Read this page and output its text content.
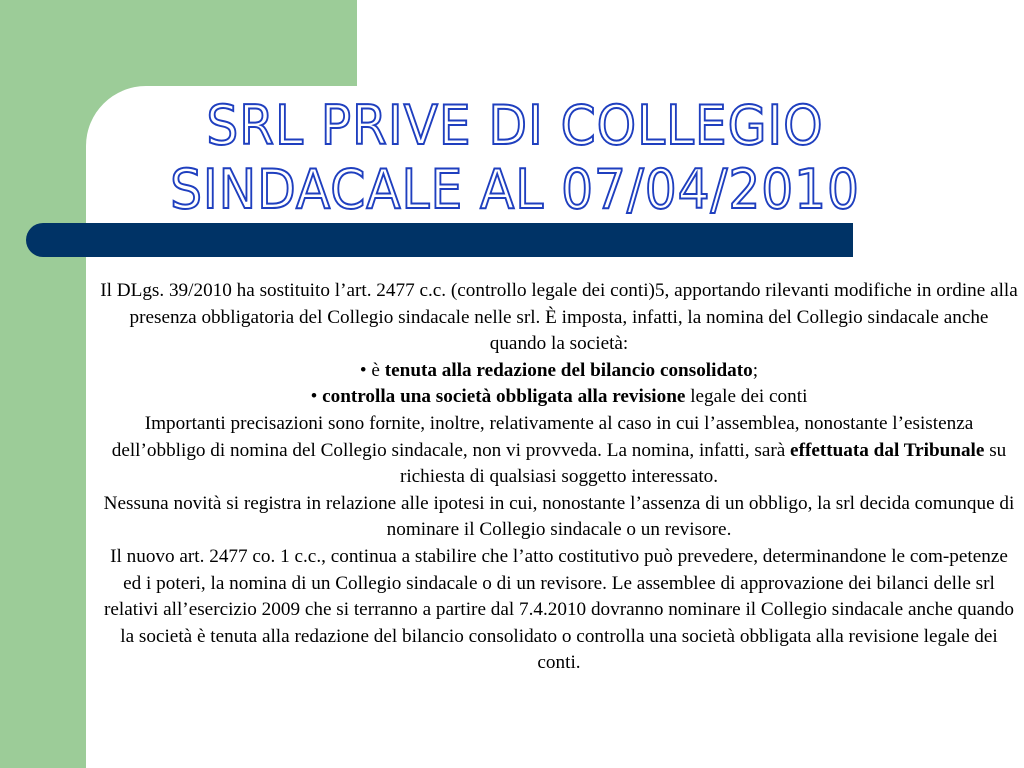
SRL PRIVE DI COLLEGIO
SINDACALE AL 07/04/2010

Il DLgs. 39/2010 ha sostituito l’art. 2477 c.c. (controllo legale dei conti)5, apportando rilevanti modifiche in ordine alla presenza obbligatoria del Collegio sindacale nelle srl. È imposta, infatti, la nomina del Collegio sindacale anche quando la società:

• è tenuta alla redazione del bilancio consolidato;

• controlla una società obbligata alla revisione legale dei conti

Importanti precisazioni sono fornite, inoltre, relativamente al caso in cui l’assemblea, nonostante l’esistenza dell’obbligo di nomina del Collegio sindacale, non vi provveda. La nomina, infatti, sarà effettuata dal Tribunale su richiesta di qualsiasi soggetto interessato.

Nessuna novità si registra in relazione alle ipotesi in cui, nonostante l’assenza di un obbligo, la srl decida comunque di nominare il Collegio sindacale o un revisore.

Il nuovo art. 2477 co. 1 c.c., continua a stabilire che l’atto costitutivo può prevedere, determinandone le com-petenze ed i poteri, la nomina di un Collegio sindacale o di un revisore. Le assemblee di approvazione dei bilanci delle srl relativi all’esercizio 2009 che si terranno a partire dal 7.4.2010 dovranno nominare il Collegio sindacale anche quando la società è tenuta alla redazione del bilancio consolidato o controlla una società obbligata alla revisione legale dei conti.
